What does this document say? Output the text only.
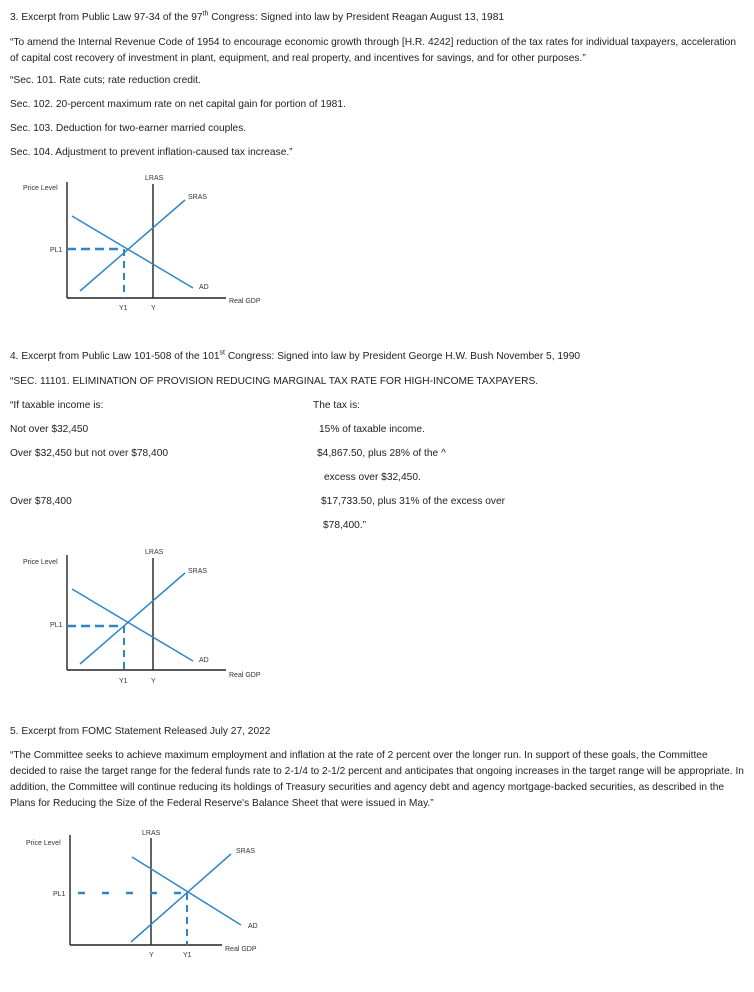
3. Excerpt from Public Law 97-34 of the 97th Congress: Signed into law by President Reagan August 13, 1981
“To amend the Internal Revenue Code of 1954 to encourage economic growth through [H.R. 4242] reduction of the tax rates for individual taxpayers, acceleration of capital cost recovery of investment in plant, equipment, and real property, and incentives for savings, and for other purposes.”
“Sec. 101. Rate cuts; rate reduction credit.
Sec. 102. 20-percent maximum rate on net capital gain for portion of 1981.
Sec. 103. Deduction for two-earner married couples.
Sec. 104. Adjustment to prevent inflation-caused tax increase.”
Price Level
LRAS
SRAS
AD
Real GDP
PL1
Y1	Y
4. Excerpt from Public Law 101-508 of the 101st Congress: Signed into law by President George H.W. Bush November 5, 1990
“SEC. 11101. ELIMINATION OF PROVISION REDUCING MARGINAL TAX RATE FOR HIGH-INCOME TAXPAYERS.
“If taxable income is:	The tax is:
Not over $32,450	15% of taxable income.
Over $32,450 but not over $78,400	$4,867.50, plus 28% of the ^
excess over $32,450.
Over $78,400	$17,733.50, plus 31% of the excess over
$78,400.”
Price Level
LRAS
SRAS
AD
Real GDP
PL1
Y1	Y
5. Excerpt from FOMC Statement Released July 27, 2022
“The Committee seeks to achieve maximum employment and inflation at the rate of 2 percent over the longer run. In support of these goals, the Committee decided to raise the target range for the federal funds rate to 2-1/4 to 2-1/2 percent and anticipates that ongoing increases in the target range will be appropriate. In addition, the Committee will continue reducing its holdings of Treasury securities and agency debt and agency mortgage-backed securities, as described in the Plans for Reducing the Size of the Federal Reserve's Balance Sheet that were issued in May.”
Price Level
LRAS
SRAS
AD
Real GDP
PL1
Y	Y1
